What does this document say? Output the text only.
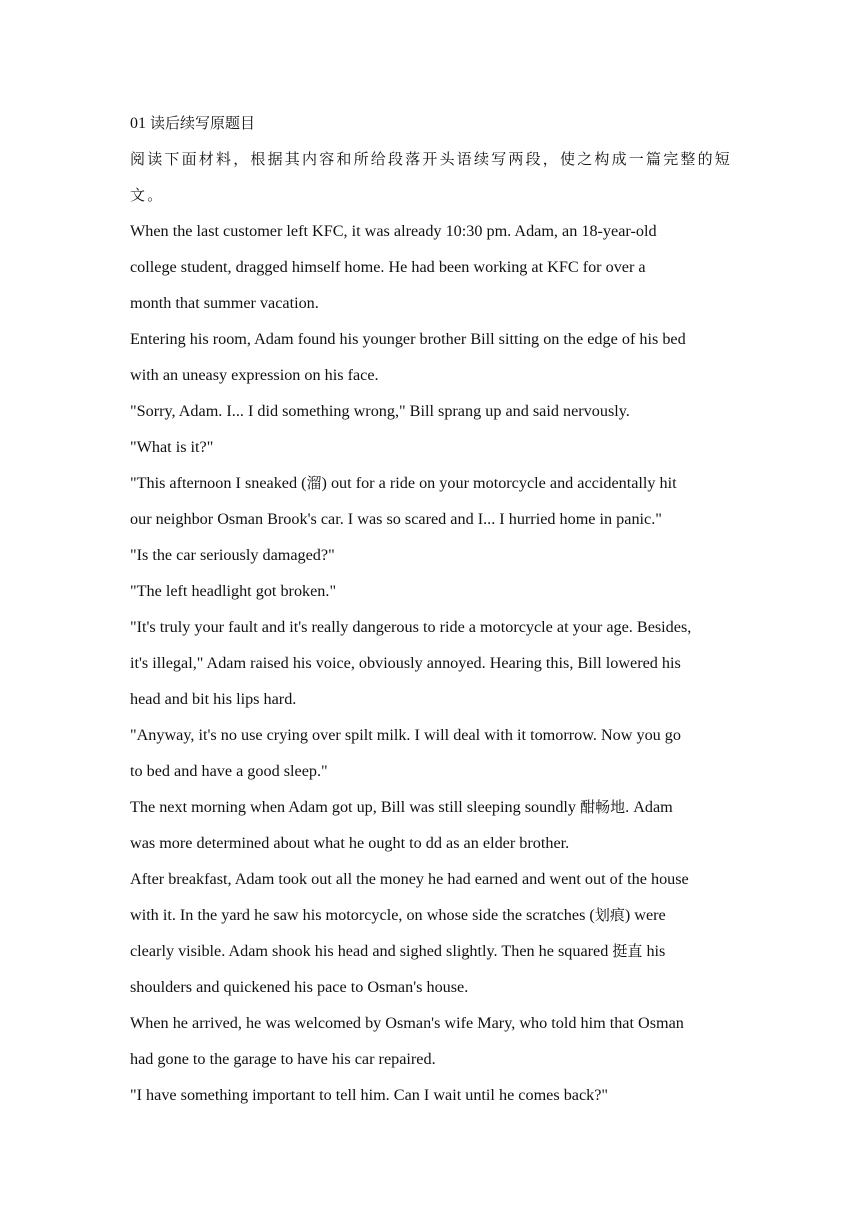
01 读后续写原题目

阅读下面材料，根据其内容和所给段落开头语续写两段，使之构成一篇完整的短

文。

When the last customer left KFC, it was already 10:30 pm. Adam, an 18-year-old

college student, dragged himself home. He had been working at KFC for over a

month that summer vacation.

Entering his room, Adam found his younger brother Bill sitting on the edge of his bed

with an uneasy expression on his face.

"Sorry, Adam. I... I did something wrong," Bill sprang up and said nervously.

"What is it?"

"This afternoon I sneaked (溜) out for a ride on your motorcycle and accidentally hit

our neighbor Osman Brook's car. I was so scared and I... I hurried home in panic."

"Is the car seriously damaged?"

"The left headlight got broken."

"It's truly your fault and it's really dangerous to ride a motorcycle at your age. Besides,

it's illegal," Adam raised his voice, obviously annoyed. Hearing this, Bill lowered his

head and bit his lips hard.

"Anyway, it's no use crying over spilt milk. I will deal with it tomorrow. Now you go

to bed and have a good sleep."

The next morning when Adam got up, Bill was still sleeping soundly 酣畅地. Adam

was more determined about what he ought to dd as an elder brother.

After breakfast, Adam took out all the money he had earned and went out of the house

with it. In the yard he saw his motorcycle, on whose side the scratches (划痕) were

clearly visible. Adam shook his head and sighed slightly. Then he squared 挺直 his

shoulders and quickened his pace to Osman's house.

When he arrived, he was welcomed by Osman's wife Mary, who told him that Osman

had gone to the garage to have his car repaired.

"I have something important to tell him. Can I wait until he comes back?"
